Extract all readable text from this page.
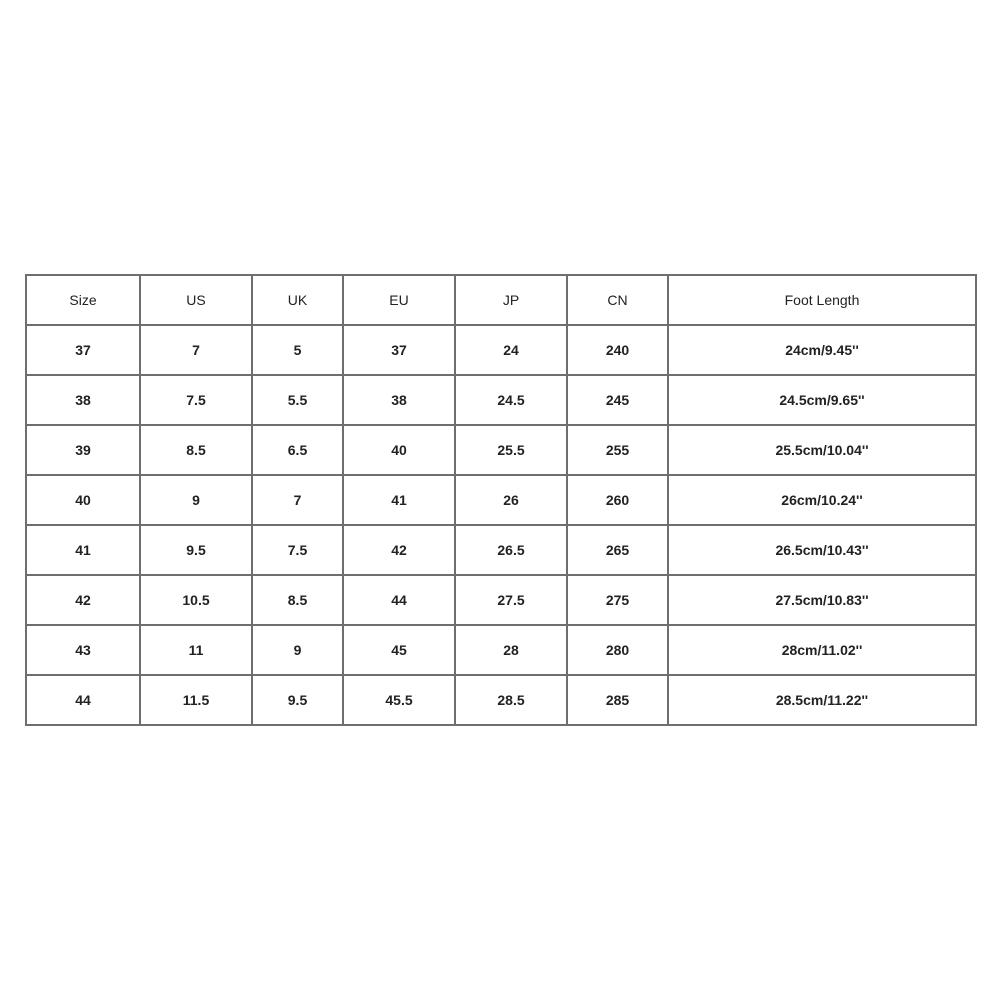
Size	US	UK	EU	JP	CN	Foot Length
37	7	5	37	24	240	24cm/9.45''
38	7.5	5.5	38	24.5	245	24.5cm/9.65''
39	8.5	6.5	40	25.5	255	25.5cm/10.04''
40	9	7	41	26	260	26cm/10.24''
41	9.5	7.5	42	26.5	265	26.5cm/10.43''
42	10.5	8.5	44	27.5	275	27.5cm/10.83''
43	11	9	45	28	280	28cm/11.02''
44	11.5	9.5	45.5	28.5	285	28.5cm/11.22''
